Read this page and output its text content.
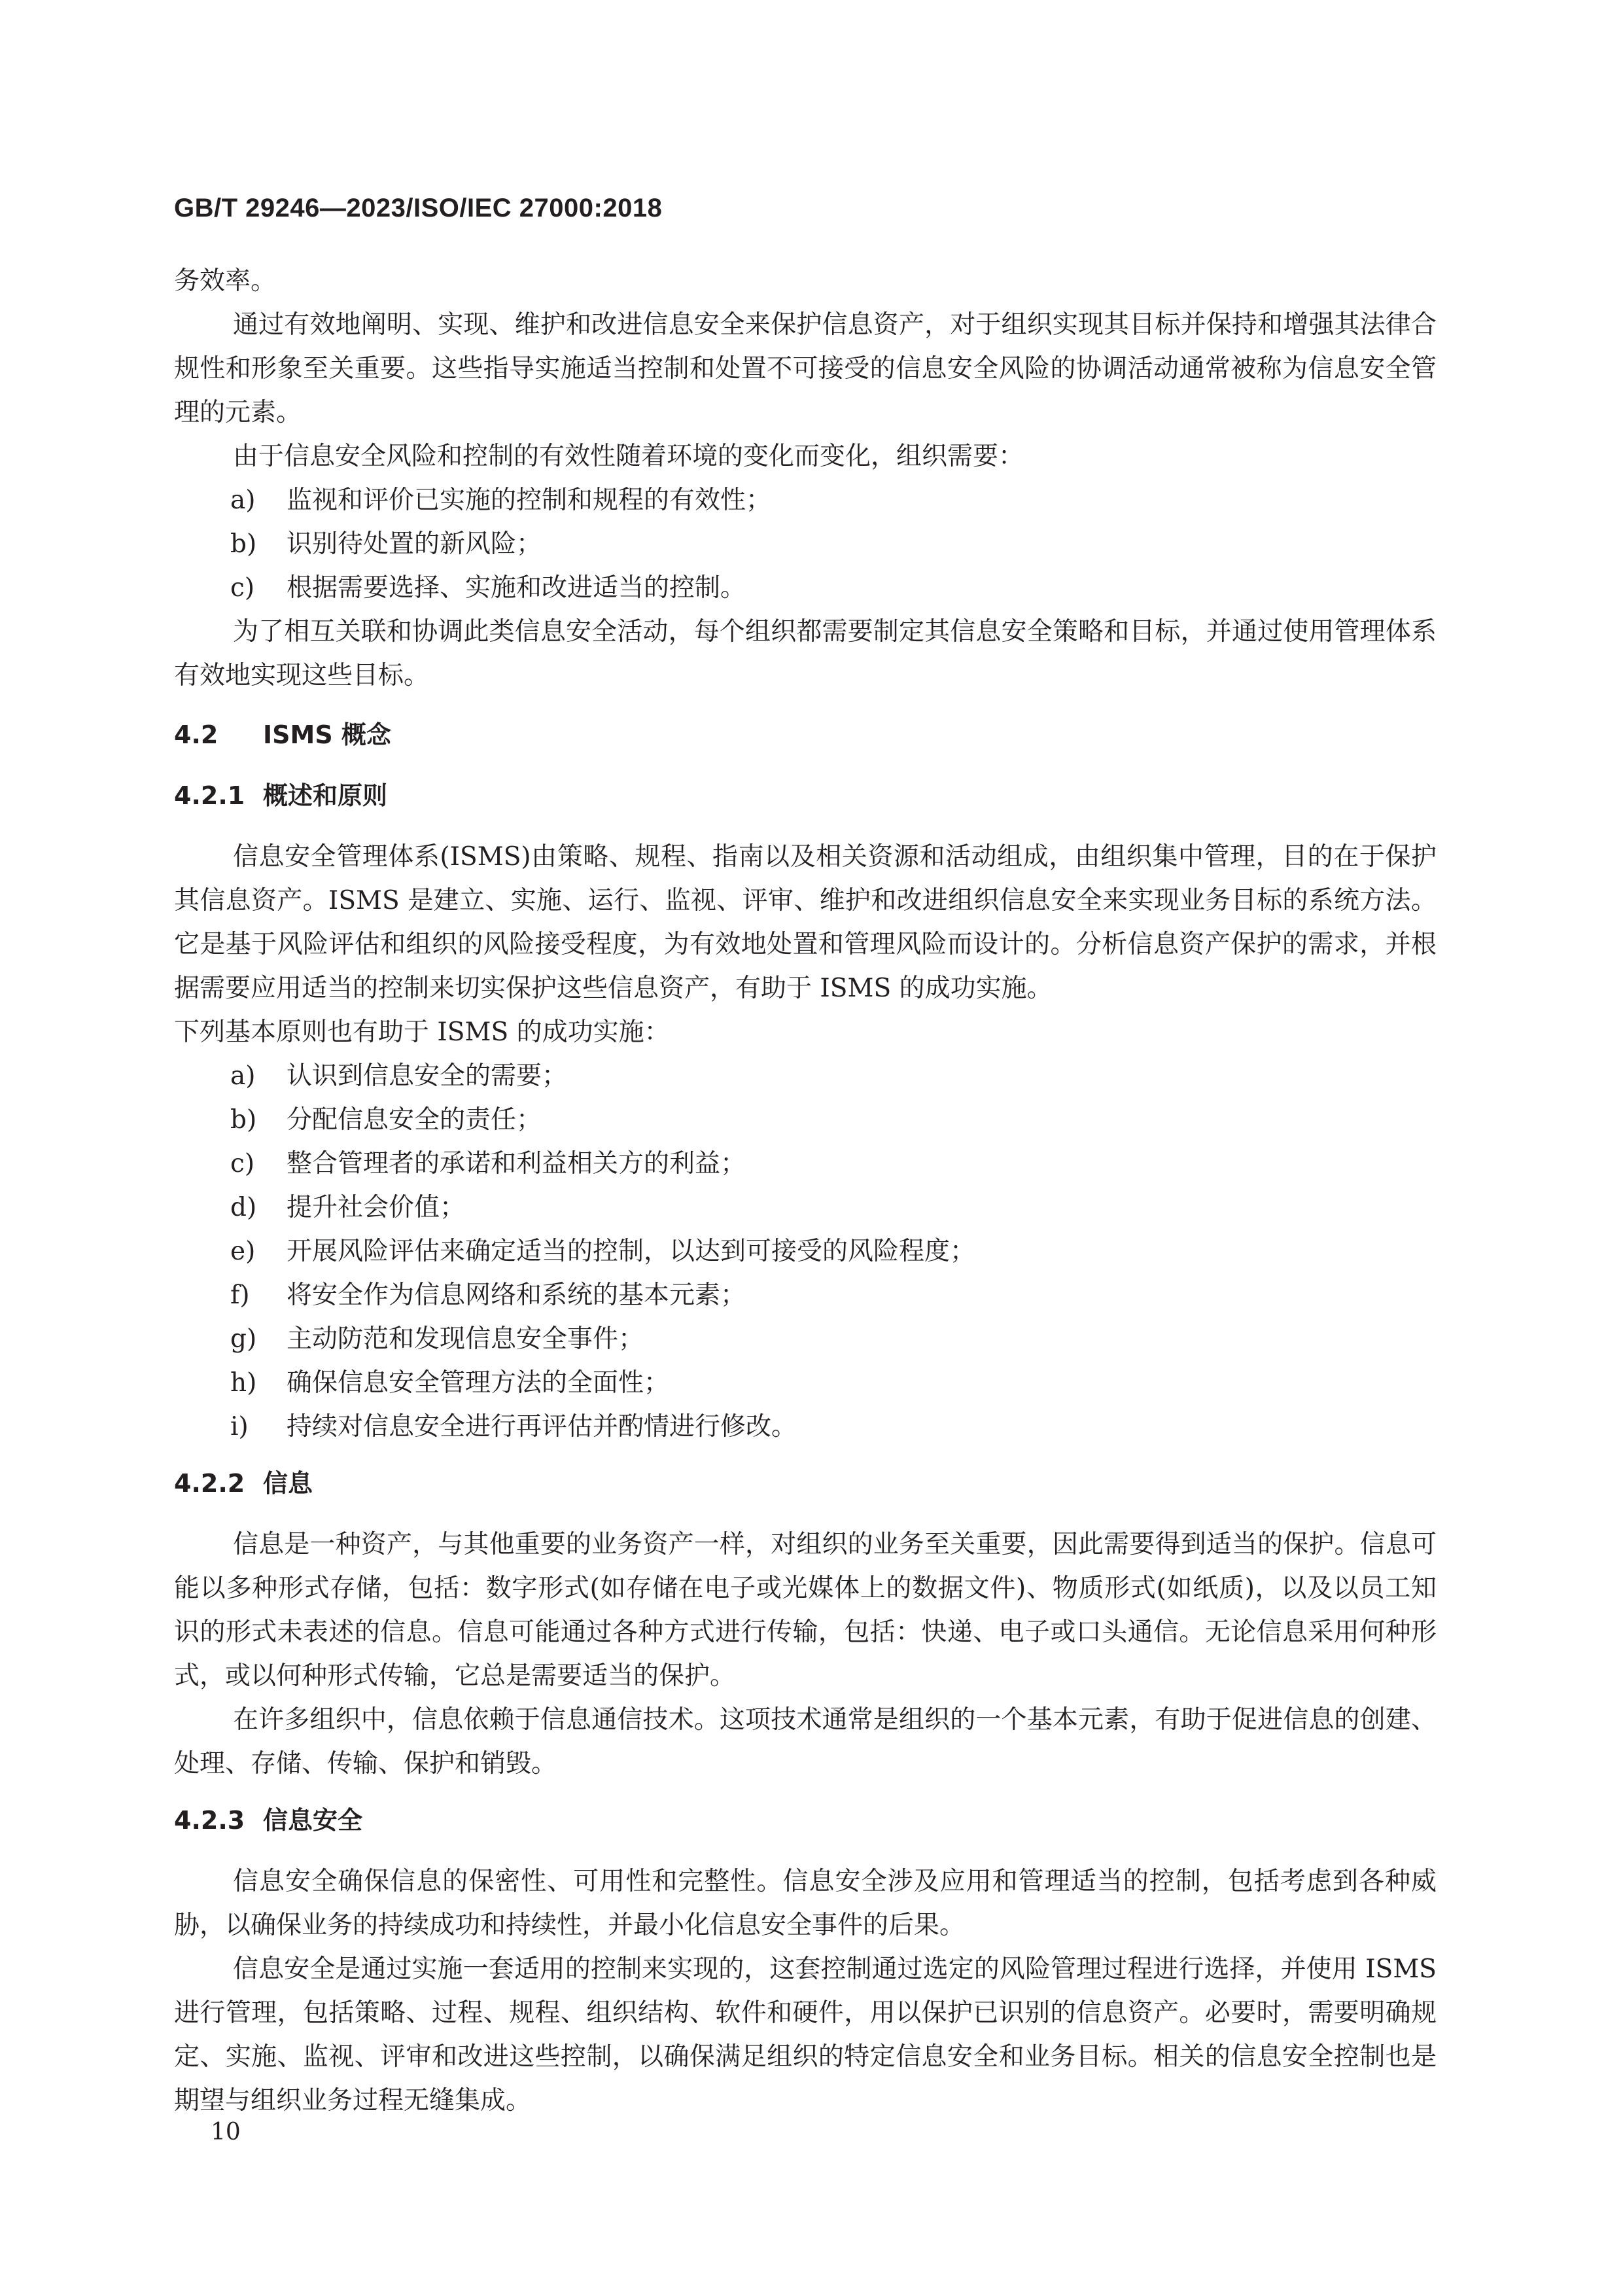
GB/T 29246—2023/ISO/IEC 27000:2018

务效率。

通过有效地阐明、实现、维护和改进信息安全来保护信息资产，对于组织实现其目标并保持和增强其法律合规性和形象至关重要。这些指导实施适当控制和处置不可接受的信息安全风险的协调活动通常被称为信息安全管理的元素。

由于信息安全风险和控制的有效性随着环境的变化而变化，组织需要：

a) 监视和评价已实施的控制和规程的有效性；

b) 识别待处置的新风险；

c) 根据需要选择、实施和改进适当的控制。

为了相互关联和协调此类信息安全活动，每个组织都需要制定其信息安全策略和目标，并通过使用管理体系有效地实现这些目标。

4.2 ISMS 概念
4.2.1 概述和原则

信息安全管理体系(ISMS)由策略、规程、指南以及相关资源和活动组成，由组织集中管理，目的在于保护其信息资产。ISMS 是建立、实施、运行、监视、评审、维护和改进组织信息安全来实现业务目标的系统方法。它是基于风险评估和组织的风险接受程度，为有效地处置和管理风险而设计的。分析信息资产保护的需求，并根据需要应用适当的控制来切实保护这些信息资产，有助于 ISMS 的成功实施。

下列基本原则也有助于 ISMS 的成功实施：

a) 认识到信息安全的需要；

b) 分配信息安全的责任；

c) 整合管理者的承诺和利益相关方的利益；

d) 提升社会价值；

e) 开展风险评估来确定适当的控制，以达到可接受的风险程度；

f) 将安全作为信息网络和系统的基本元素；

g) 主动防范和发现信息安全事件；

h) 确保信息安全管理方法的全面性；

i) 持续对信息安全进行再评估并酌情进行修改。

4.2.2 信息

信息是一种资产，与其他重要的业务资产一样，对组织的业务至关重要，因此需要得到适当的保护。信息可能以多种形式存储，包括：数字形式(如存储在电子或光媒体上的数据文件)、物质形式(如纸质)，以及以员工知识的形式未表述的信息。信息可能通过各种方式进行传输，包括：快递、电子或口头通信。无论信息采用何种形式，或以何种形式传输，它总是需要适当的保护。

在许多组织中，信息依赖于信息通信技术。这项技术通常是组织的一个基本元素，有助于促进信息的创建、处理、存储、传输、保护和销毁。

4.2.3 信息安全

信息安全确保信息的保密性、可用性和完整性。信息安全涉及应用和管理适当的控制，包括考虑到各种威胁，以确保业务的持续成功和持续性，并最小化信息安全事件的后果。

信息安全是通过实施一套适用的控制来实现的，这套控制通过选定的风险管理过程进行选择，并使用 ISMS 进行管理，包括策略、过程、规程、组织结构、软件和硬件，用以保护已识别的信息资产。必要时，需要明确规定、实施、监视、评审和改进这些控制，以确保满足组织的特定信息安全和业务目标。相关的信息安全控制也是期望与组织业务过程无缝集成。

10
